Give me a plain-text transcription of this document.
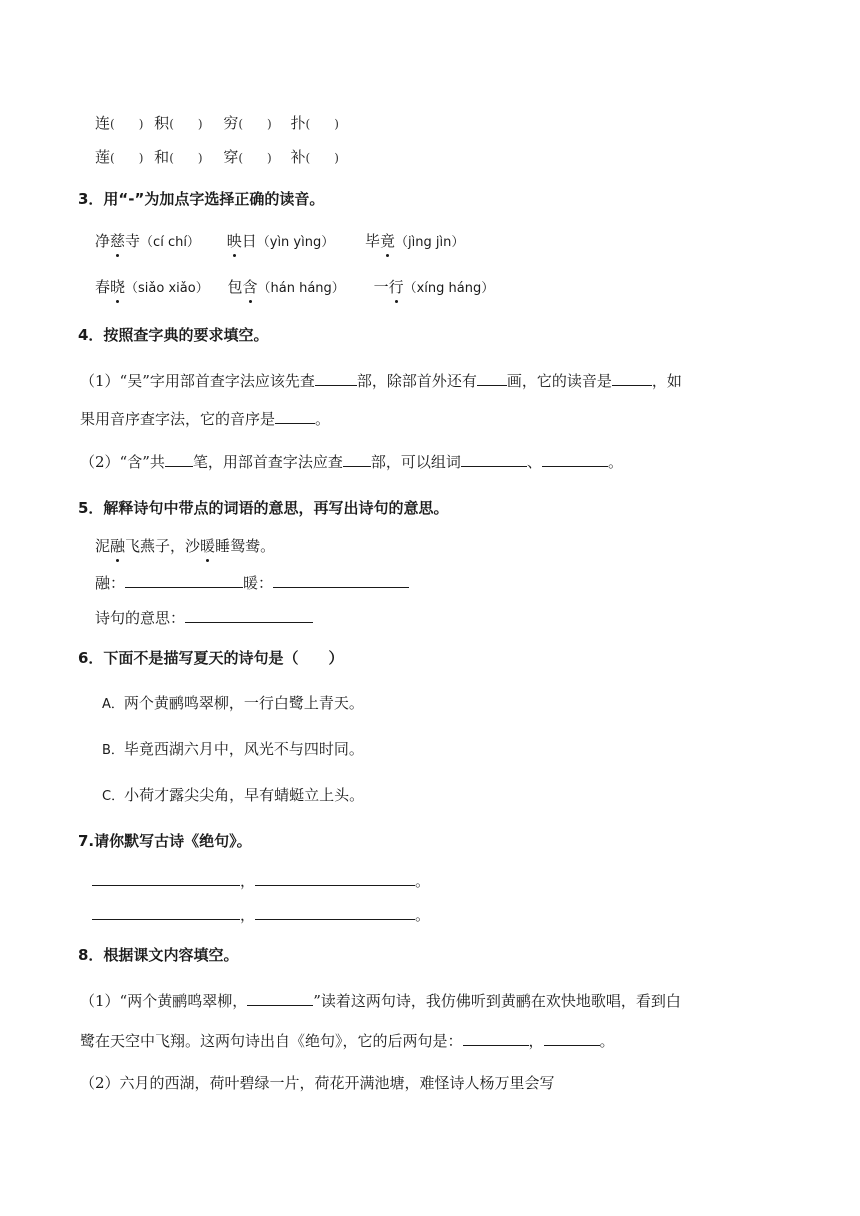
连(　　) 积(　　) 穷(　　) 扑(　　)
莲(　　) 和(　　) 穿(　　) 补(　　)
3．用“-”为加点字选择正确的读音。
净慈寺（cí chí） 映日（yìn yìng） 毕竟（jìng jìn）
春晓（siǎo xiǎo） 包含（hán háng） 一行（xíng háng）
4．按照查字典的要求填空。
（1）“吴”字用部首查字法应该先查	部，除部首外还有 画，它的读音是	，如
果用音序查字法，它的音序是	。
（2）“含”共 笔，用部首查字法应查 部，可以组词	、	。
5．解释诗句中带点的词语的意思，再写出诗句的意思。
泥融飞燕子，沙暖睡鸳鸯。
融：	暖：
诗句的意思：
6．下面不是描写夏天的诗句是（　　）
A．两个黄鹂鸣翠柳，一行白鹭上青天。
B．毕竟西湖六月中，风光不与四时同。
C．小荷才露尖尖角，早有蜻蜓立上头。
7.请你默写古诗《绝句》。
，	。
，	。
8．根据课文内容填空。
（1）“两个黄鹂鸣翠柳，	”读着这两句诗，我仿佛听到黄鹂在欢快地歌唱，看到白
鹭在天空中飞翔。这两句诗出自《绝句》，它的后两句是：	，	。
（2）六月的西湖，荷叶碧绿一片，荷花开满池塘，难怪诗人杨万里会写
